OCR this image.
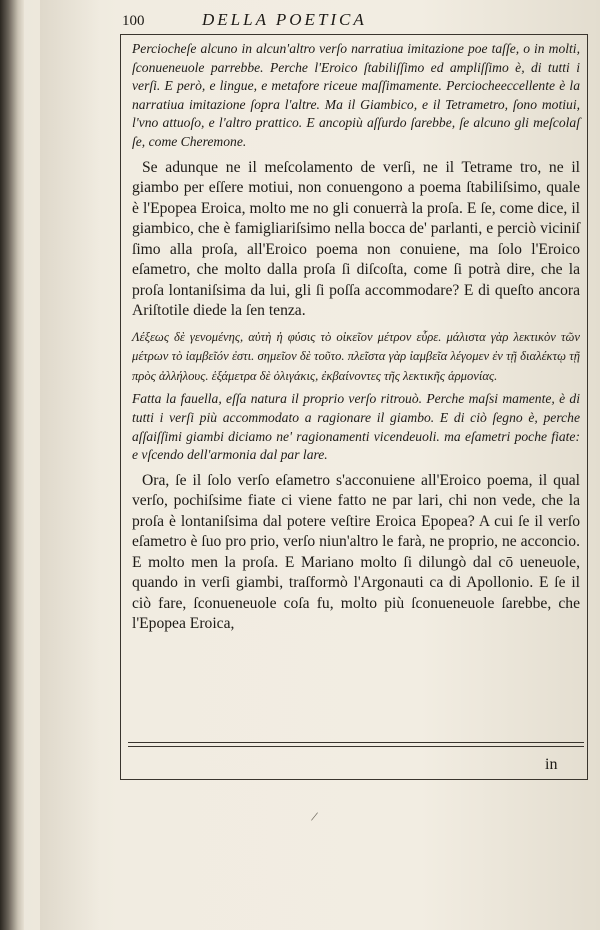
100	DELLA POETICA

Perciocheſe alcuno in alcun'altro verſo narratiua imitazione poe taſſe, o in molti, ſconueneuole parrebbe. Perche l'Eroico ſtabiliſſimo ed ampliſſimo è, di tutti i verſi. E però, e lingue, e metafore riceue maſſimamente. Perciocheeccellente è la narratiua imitazione ſopra l'altre. Ma il Giambico, e il Tetrametro, ſono motiui, l'vno attuoſo, e l'altro prattico. E ancopiù aſſurdo ſarebbe, ſe alcuno gli meſcolaſ ſe, come Cheremone.

Se adunque ne il meſcolamento de verſi, ne il Tetrame tro, ne il giambo per eſſere motiui, non conuengono a poema ſtabiliſsimo, quale è l'Epopea Eroica, molto me no gli conuerrà la proſa. E ſe, come dice, il giambico, che è famigliariſsimo nella bocca de' parlanti, e perciò viciniſ ſimo alla proſa, all'Eroico poema non conuiene, ma ſolo l'Eroico eſametro, che molto dalla proſa ſi diſcoſta, come ſi potrà dire, che la proſa lontaniſsima da lui, gli ſi poſſa accommodare? E di queſto ancora Ariſtotile diede la ſen tenza.

Λέξεως δὲ γενομένης, αὐτὴ ἡ φύσις τὸ οἰκεῖον μέτρον εὗρε. μάλιστα γὰρ λεκτικὸν τῶν μέτρων τὸ ἰαμβεῖόν ἐστι. σημεῖον δὲ τοῦτο. πλεῖστα γὰρ ἰαμβεῖα λέγομεν ἐν τῇ διαλέκτῳ τῇ πρὸς ἀλλήλους. ἑξάμετρα δὲ ὀλιγάκις, ἐκβαίνοντες τῆς λεκτικῆς ἁρμονίας.

Fatta la fauella, eſſa natura il proprio verſo ritrouò. Perche maſsi mamente, è di tutti i verſi più accommodato a ragionare il giambo. E di ciò ſegno è, perche aſſaiſſimi giambi diciamo ne' ragionamenti vicendeuoli. ma eſametri poche fiate: e vſcendo dell'armonia dal par lare.

Ora, ſe il ſolo verſo eſametro s'acconuiene all'Eroico poema, il qual verſo, pochiſsime fiate ci viene fatto ne par lari, chi non vede, che la proſa è lontaniſsima dal potere veſtire Eroica Epopea? A cui ſe il verſo eſametro è ſuo pro prio, verſo niun'altro le farà, ne proprio, ne acconcio. E molto men la proſa. E Mariano molto ſi dilungò dal cō ueneuole, quando in verſi giambi, traſformò l'Argonauti ca di Apollonio. E ſe il ciò fare, ſconueneuole coſa fu, molto più ſconueneuole ſarebbe, che l'Epopea Eroica,

in
/
